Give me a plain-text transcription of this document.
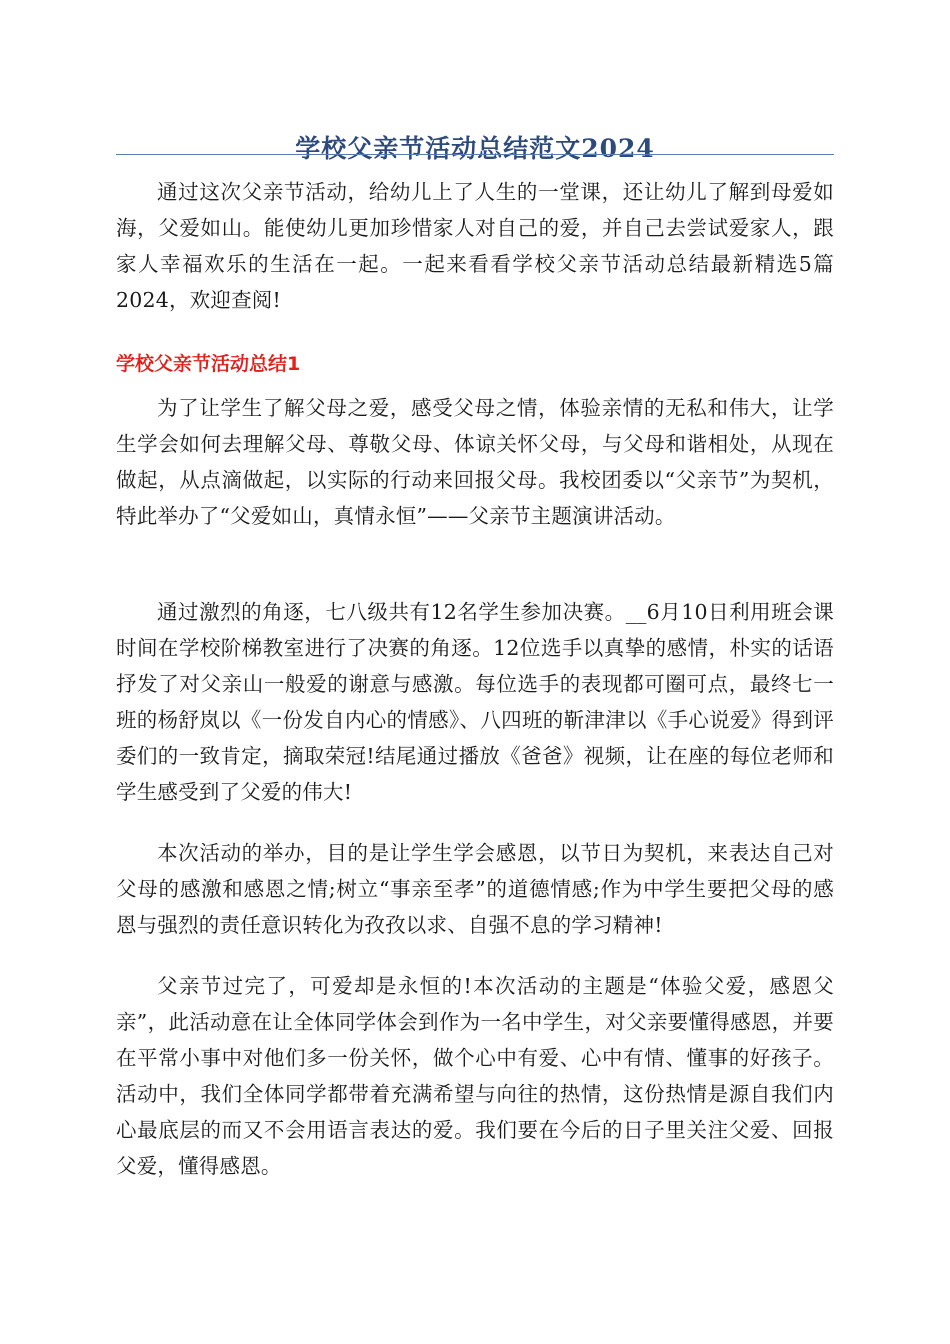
学校父亲节活动总结范文2024

通过这次父亲节活动，给幼儿上了人生的一堂课，还让幼儿了解到母爱如海，父爱如山。能使幼儿更加珍惜家人对自己的爱，并自己去尝试爱家人，跟家人幸福欢乐的生活在一起。一起来看看学校父亲节活动总结最新精选5篇2024，欢迎查阅!

学校父亲节活动总结1

为了让学生了解父母之爱，感受父母之情，体验亲情的无私和伟大，让学生学会如何去理解父母、尊敬父母、体谅关怀父母，与父母和谐相处，从现在做起，从点滴做起，以实际的行动来回报父母。我校团委以“父亲节”为契机，特此举办了“父爱如山，真情永恒”——父亲节主题演讲活动。

通过激烈的角逐，七八级共有12名学生参加决赛。__6月10日利用班会课时间在学校阶梯教室进行了决赛的角逐。12位选手以真挚的感情，朴实的话语抒发了对父亲山一般爱的谢意与感激。每位选手的表现都可圈可点，最终七一班的杨舒岚以《一份发自内心的情感》、八四班的靳津津以《手心说爱》得到评委们的一致肯定，摘取荣冠!结尾通过播放《爸爸》视频，让在座的每位老师和学生感受到了父爱的伟大!

本次活动的举办，目的是让学生学会感恩，以节日为契机，来表达自己对父母的感激和感恩之情;树立“事亲至孝”的道德情感;作为中学生要把父母的感恩与强烈的责任意识转化为孜孜以求、自强不息的学习精神!

父亲节过完了，可爱却是永恒的!本次活动的主题是“体验父爱，感恩父亲”，此活动意在让全体同学体会到作为一名中学生，对父亲要懂得感恩，并要在平常小事中对他们多一份关怀，做个心中有爱、心中有情、懂事的好孩子。活动中，我们全体同学都带着充满希望与向往的热情，这份热情是源自我们内心最底层的而又不会用语言表达的爱。我们要在今后的日子里关注父爱、回报父爱，懂得感恩。
